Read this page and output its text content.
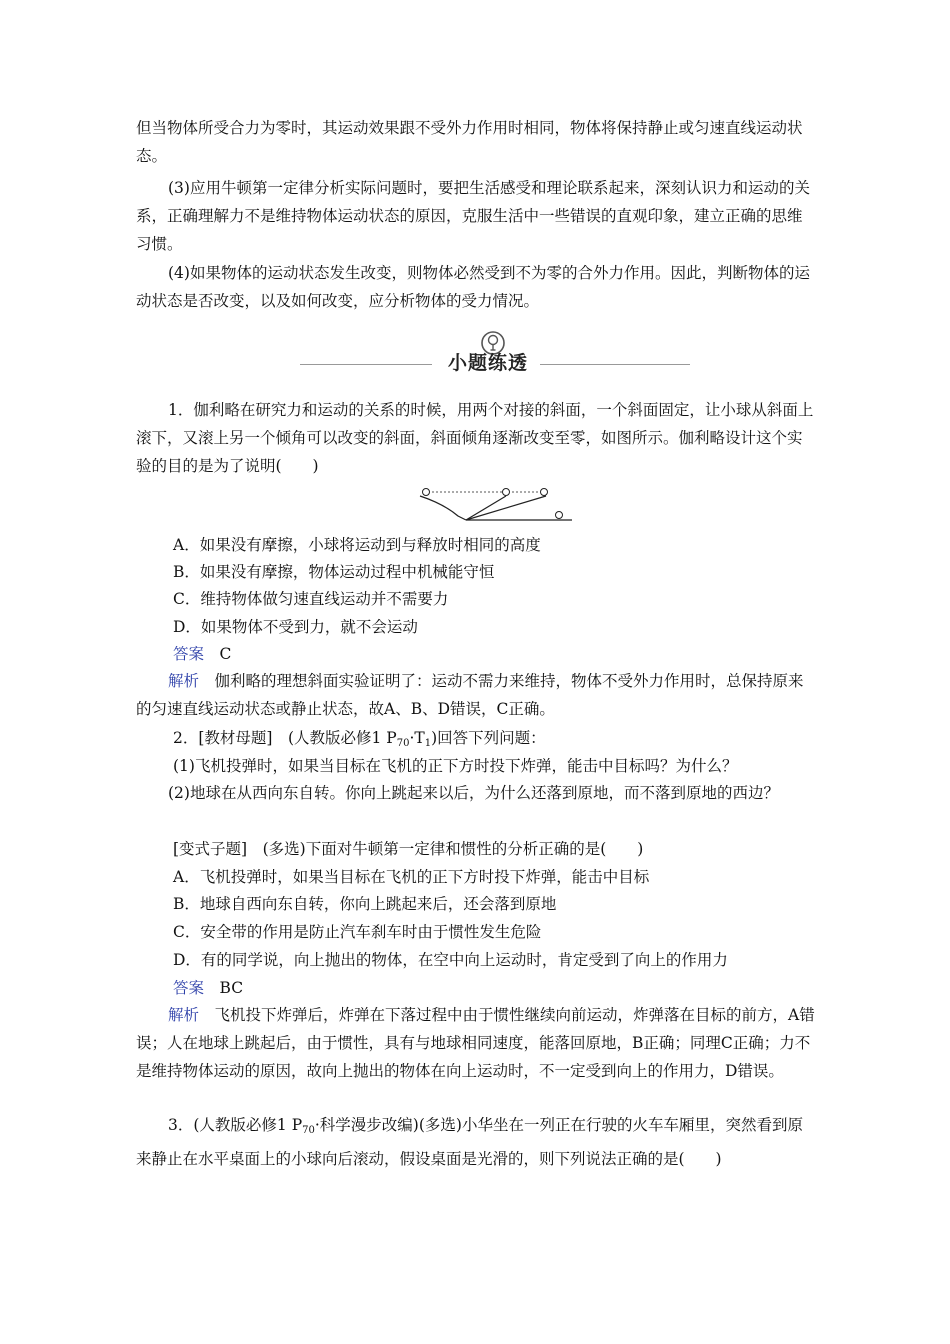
但当物体所受合力为零时，其运动效果跟不受外力作用时相同，物体将保持静止或匀速直线运动状态。

(3)应用牛顿第一定律分析实际问题时，要把生活感受和理论联系起来，深刻认识力和运动的关系，正确理解力不是维持物体运动状态的原因，克服生活中一些错误的直观印象，建立正确的思维习惯。

(4)如果物体的运动状态发生改变，则物体必然受到不为零的合外力作用。因此，判断物体的运动状态是否改变，以及如何改变，应分析物体的受力情况。

小题练透

1．伽利略在研究力和运动的关系的时候，用两个对接的斜面，一个斜面固定，让小球从斜面上滚下，又滚上另一个倾角可以改变的斜面，斜面倾角逐渐改变至零，如图所示。伽利略设计这个实验的目的是为了说明(　　)

A．如果没有摩擦，小球将运动到与释放时相同的高度

B．如果没有摩擦，物体运动过程中机械能守恒

C．维持物体做匀速直线运动并不需要力

D．如果物体不受到力，就不会运动

答案　 C

解析　 伽利略的理想斜面实验证明了：运动不需力来维持，物体不受外力作用时，总保持原来的匀速直线运动状态或静止状态，故A、B、D错误，C正确。

2．[教材母题]　(人教版必修1 $P_{70}\cdot T_1$)回答下列问题：

(1)飞机投弹时，如果当目标在飞机的正下方时投下炸弹，能击中目标吗？为什么？

(2)地球在从西向东自转。你向上跳起来以后，为什么还落到原地，而不落到原地的西边？

[变式子题]　(多选)下面对牛顿第一定律和惯性的分析正确的是(　　)

A．飞机投弹时，如果当目标在飞机的正下方时投下炸弹，能击中目标

B．地球自西向东自转，你向上跳起来后，还会落到原地

C．安全带的作用是防止汽车刹车时由于惯性发生危险

D．有的同学说，向上抛出的物体，在空中向上运动时，肯定受到了向上的作用力

答案　 BC

解析　 飞机投下炸弹后，炸弹在下落过程中由于惯性继续向前运动，炸弹落在目标的前方，A错误；人在地球上跳起后，由于惯性，具有与地球相同速度，能落回原地，B正确；同理C正确；力不是维持物体运动的原因，故向上抛出的物体在向上运动时，不一定受到向上的作用力，D错误。

3．(人教版必修1 $P_{70}\cdot$科学漫步改编)(多选)小华坐在一列正在行驶的火车车厢里，突然看到原来静止在水平桌面上的小球向后滚动，假设桌面是光滑的，则下列说法正确的是(　　)
